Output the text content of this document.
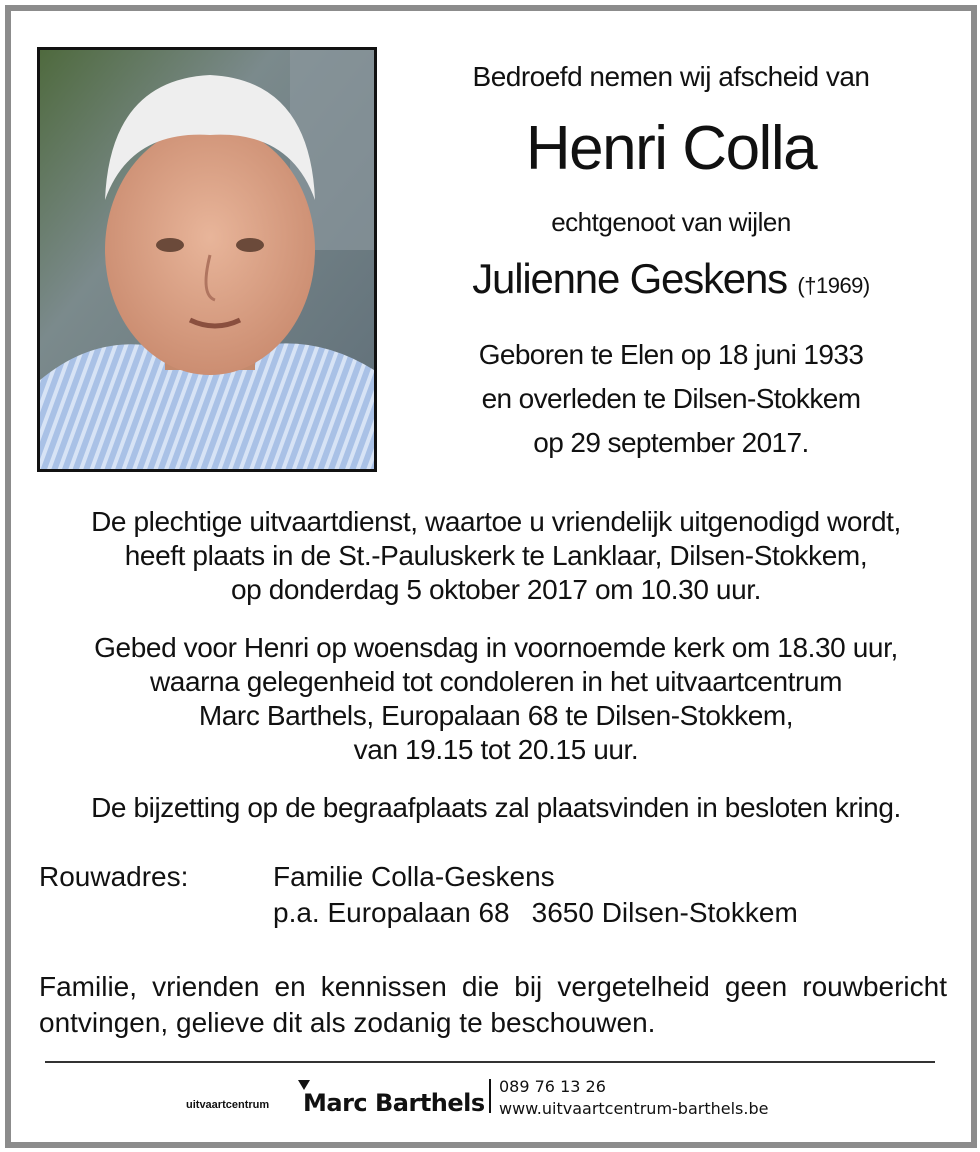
Bedroefd nemen wij afscheid van
Henri Colla
echtgenoot van wijlen
Julienne Geskens (†1969)
Geboren te Elen op 18 juni 1933
en overleden te Dilsen-Stokkem
op 29 september 2017.
De plechtige uitvaartdienst, waartoe u vriendelijk uitgenodigd wordt,
heeft plaats in de St.-Pauluskerk te Lanklaar, Dilsen-Stokkem,
op donderdag 5 oktober 2017 om 10.30 uur.
Gebed voor Henri op woensdag in voornoemde kerk om 18.30 uur,
waarna gelegenheid tot condoleren in het uitvaartcentrum
Marc Barthels, Europalaan 68 te Dilsen-Stokkem,
van 19.15 tot 20.15 uur.
De bijzetting op de begraafplaats zal plaatsvinden in besloten kring.
Rouwadres:	Familie Colla-Geskens
p.a. Europalaan 68 3650 Dilsen-Stokkem
Familie, vrienden en kennissen die bij vergetelheid geen rouwbericht ontvingen, gelieve dit als zodanig te beschouwen.
uitvaartcentrum Marc Barthels
089 76 13 26
www.uitvaartcentrum-barthels.be
